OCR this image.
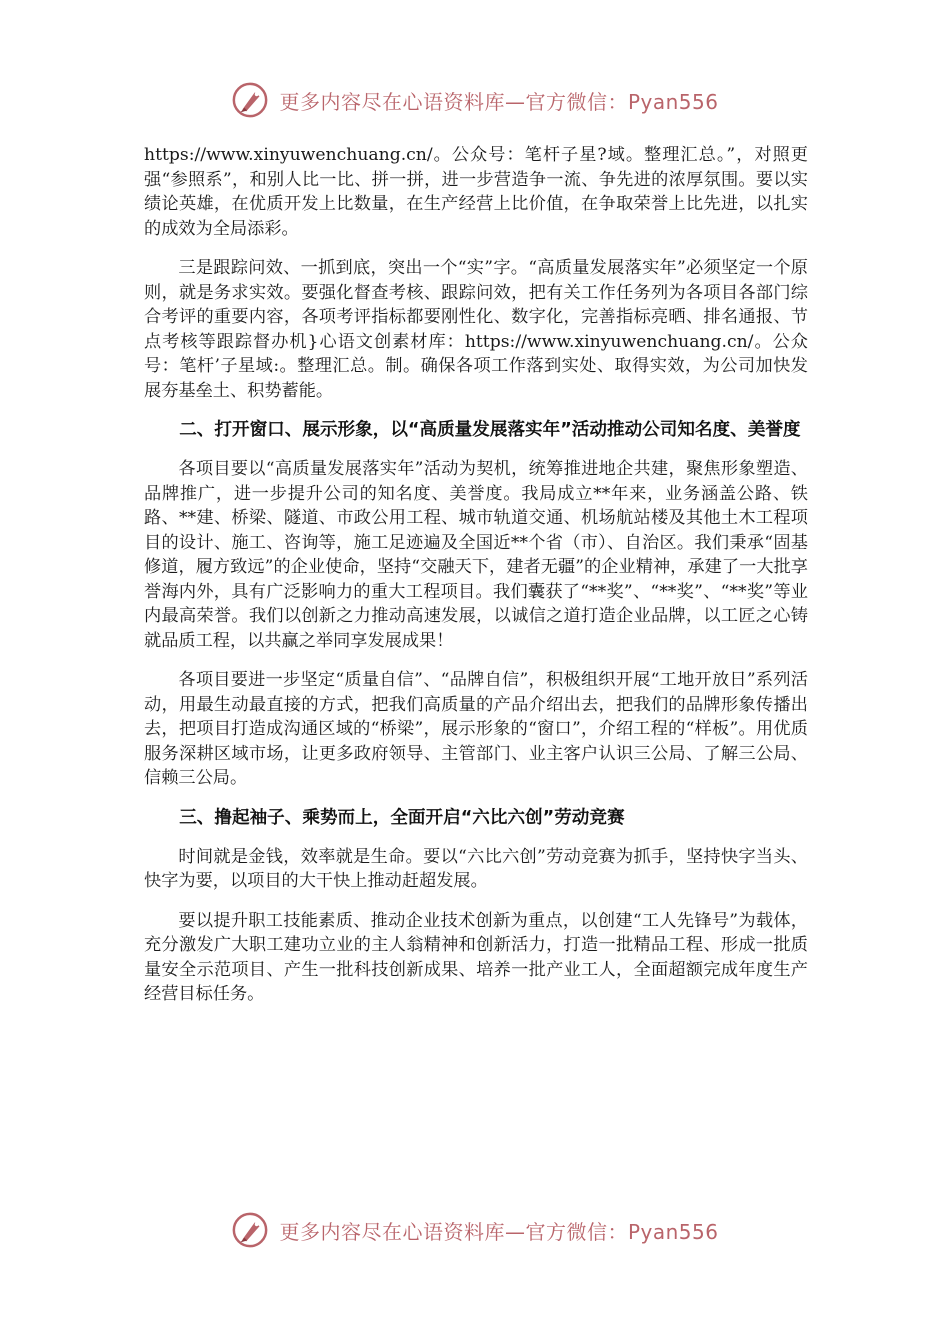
更多内容尽在心语资料库—官方微信：Pyan556

https://www.xinyuwenchuang.cn/。公众号：笔杆子星?域。整理汇总。”，对照更强“参照系”，和别人比一比、拼一拼，进一步营造争一流、争先进的浓厚氛围。要以实绩论英雄，在优质开发上比数量，在生产经营上比价值，在争取荣誉上比先进，以扎实的成效为全局添彩。

三是跟踪问效、一抓到底，突出一个“实”字。“高质量发展落实年”必须坚定一个原则，就是务求实效。要强化督查考核、跟踪问效，把有关工作任务列为各项目各部门综合考评的重要内容，各项考评指标都要刚性化、数字化，完善指标亮晒、排名通报、节点考核等跟踪督办机}心语文创素材库：https://www.xinyuwenchuang.cn/。公众号：笔杆’子星域:。整理汇总。制。确保各项工作落到实处、取得实效，为公司加快发展夯基垒土、积势蓄能。

二、打开窗口、展示形象，以“高质量发展落实年”活动推动公司知名度、美誉度

各项目要以“高质量发展落实年”活动为契机，统筹推进地企共建，聚焦形象塑造、品牌推广，进一步提升公司的知名度、美誉度。我局成立**年来，业务涵盖公路、铁路、**建、桥梁、隧道、市政公用工程、城市轨道交通、机场航站楼及其他土木工程项目的设计、施工、咨询等，施工足迹遍及全国近**个省（市）、自治区。我们秉承“固基修道，履方致远”的企业使命，坚持“交融天下，建者无疆”的企业精神，承建了一大批享誉海内外，具有广泛影响力的重大工程项目。我们囊获了“**奖”、“**奖”、“**奖”等业内最高荣誉。我们以创新之力推动高速发展，以诚信之道打造企业品牌，以工匠之心铸就品质工程，以共赢之举同享发展成果！

各项目要进一步坚定“质量自信”、“品牌自信”，积极组织开展“工地开放日”系列活动，用最生动最直接的方式，把我们高质量的产品介绍出去，把我们的品牌形象传播出去，把项目打造成沟通区域的“桥梁”，展示形象的“窗口”，介绍工程的“样板”。用优质服务深耕区域市场，让更多政府领导、主管部门、业主客户认识三公局、了解三公局、信赖三公局。

三、撸起袖子、乘势而上，全面开启“六比六创”劳动竞赛

时间就是金钱，效率就是生命。要以“六比六创”劳动竞赛为抓手，坚持快字当头、快字为要，以项目的大干快上推动赶超发展。

要以提升职工技能素质、推动企业技术创新为重点，以创建“工人先锋号”为载体，充分激发广大职工建功立业的主人翁精神和创新活力，打造一批精品工程、形成一批质量安全示范项目、产生一批科技创新成果、培养一批产业工人，全面超额完成年度生产经营目标任务。

更多内容尽在心语资料库—官方微信：Pyan556
